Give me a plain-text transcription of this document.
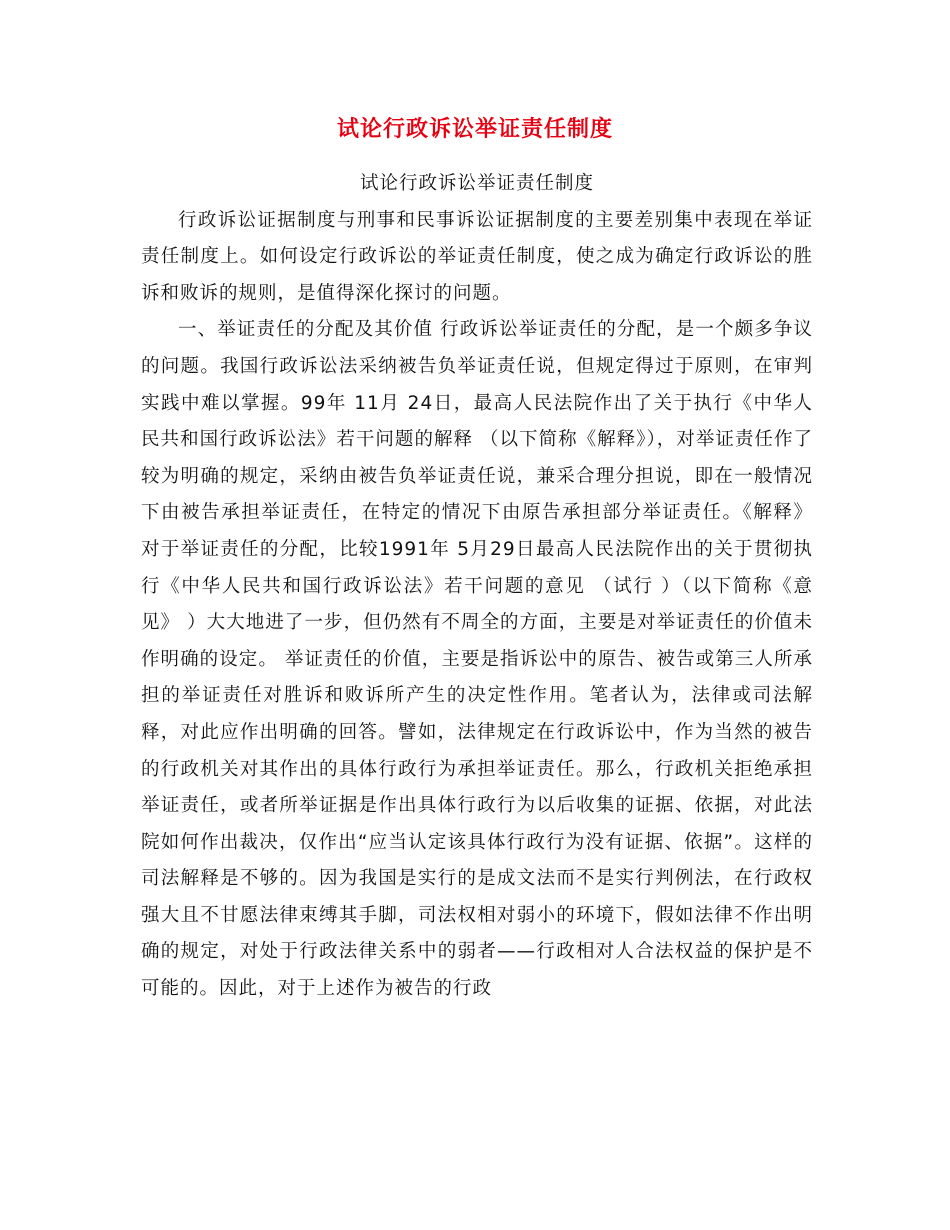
试论行政诉讼举证责任制度

试论行政诉讼举证责任制度

行政诉讼证据制度与刑事和民事诉讼证据制度的主要差别集中表现在举证责任制度上。如何设定行政诉讼的举证责任制度，使之成为确定行政诉讼的胜诉和败诉的规则，是值得深化探讨的问题。

一、举证责任的分配及其价值 行政诉讼举证责任的分配，是一个颇多争议的问题。我国行政诉讼法采纳被告负举证责任说，但规定得过于原则，在审判实践中难以掌握。99年 11月 24日，最高人民法院作出了关于执行《中华人民共和国行政诉讼法》若干问题的解释 （以下简称《解释》），对举证责任作了较为明确的规定，采纳由被告负举证责任说，兼采合理分担说，即在一般情况下由被告承担举证责任，在特定的情况下由原告承担部分举证责任。《解释》对于举证责任的分配，比较1991年 5月29日最高人民法院作出的关于贯彻执行《中华人民共和国行政诉讼法》若干问题的意见 （试行 ）（以下简称《意见》 ）大大地进了一步，但仍然有不周全的方面，主要是对举证责任的价值未作明确的设定。 举证责任的价值，主要是指诉讼中的原告、被告或第三人所承担的举证责任对胜诉和败诉所产生的决定性作用。笔者认为，法律或司法解释，对此应作出明确的回答。譬如，法律规定在行政诉讼中，作为当然的被告的行政机关对其作出的具体行政行为承担举证责任。那么，行政机关拒绝承担举证责任，或者所举证据是作出具体行政行为以后收集的证据、依据，对此法院如何作出裁决，仅作出“应当认定该具体行政行为没有证据、依据”。这样的司法解释是不够的。因为我国是实行的是成文法而不是实行判例法，在行政权强大且不甘愿法律束缚其手脚，司法权相对弱小的环境下，假如法律不作出明确的规定，对处于行政法律关系中的弱者——行政相对人合法权益的保护是不可能的。因此，对于上述作为被告的行政
